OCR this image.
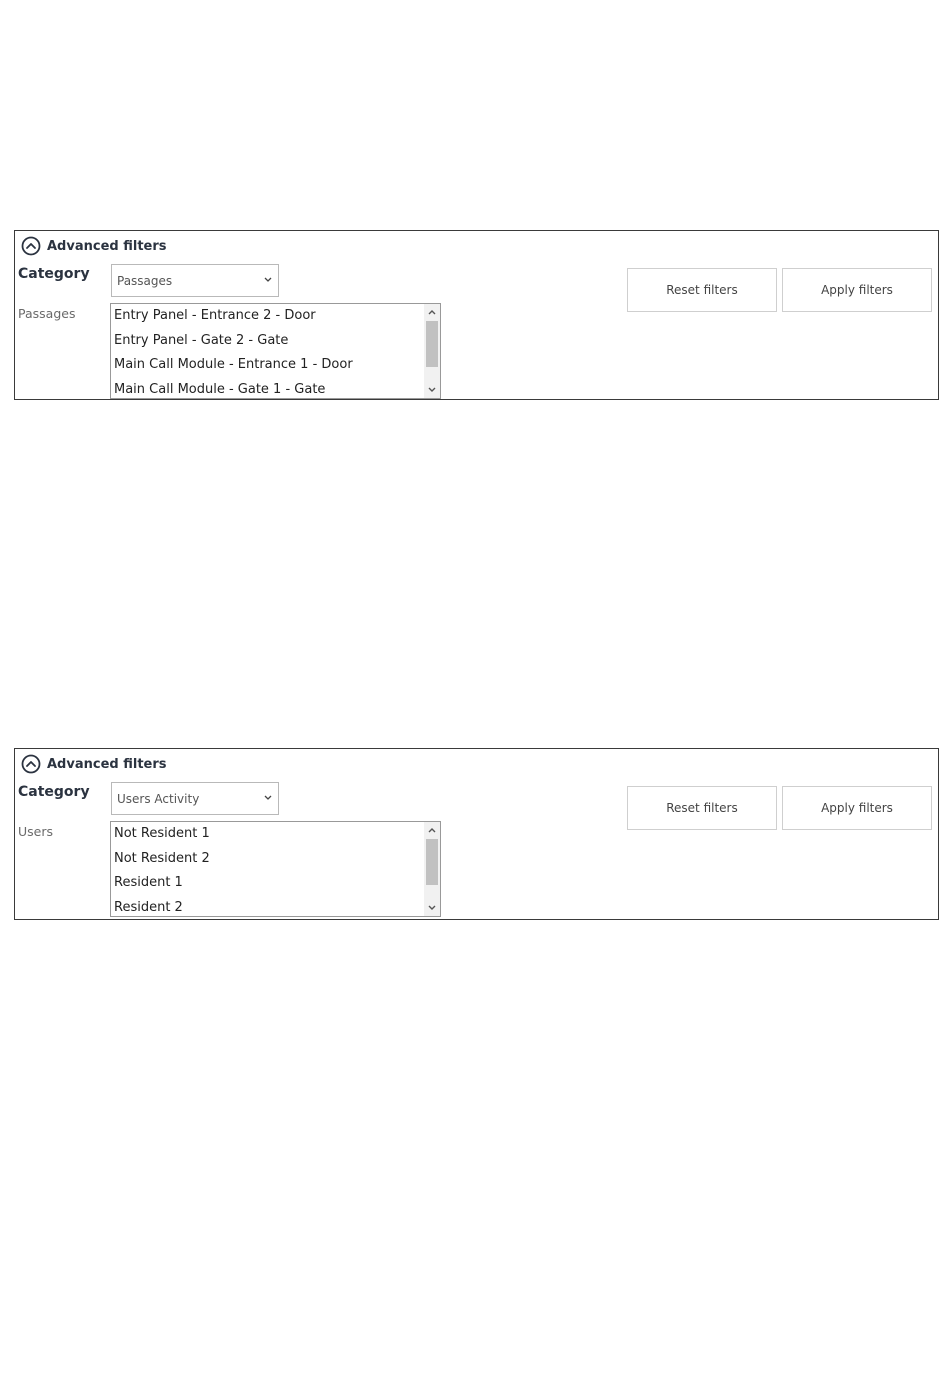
Advanced filters
Category Passages
Passages	Entry Panel - Entrance 2 - Door
Entry Panel - Gate 2 - Gate
Main Call Module - Entrance 1 - Door
Main Call Module - Gate 1 - Gate
Reset filters	Apply filters
Advanced filters
Category Users Activity
Users	Not Resident 1
Not Resident 2
Resident 1
Resident 2
Reset filters	Apply filters
